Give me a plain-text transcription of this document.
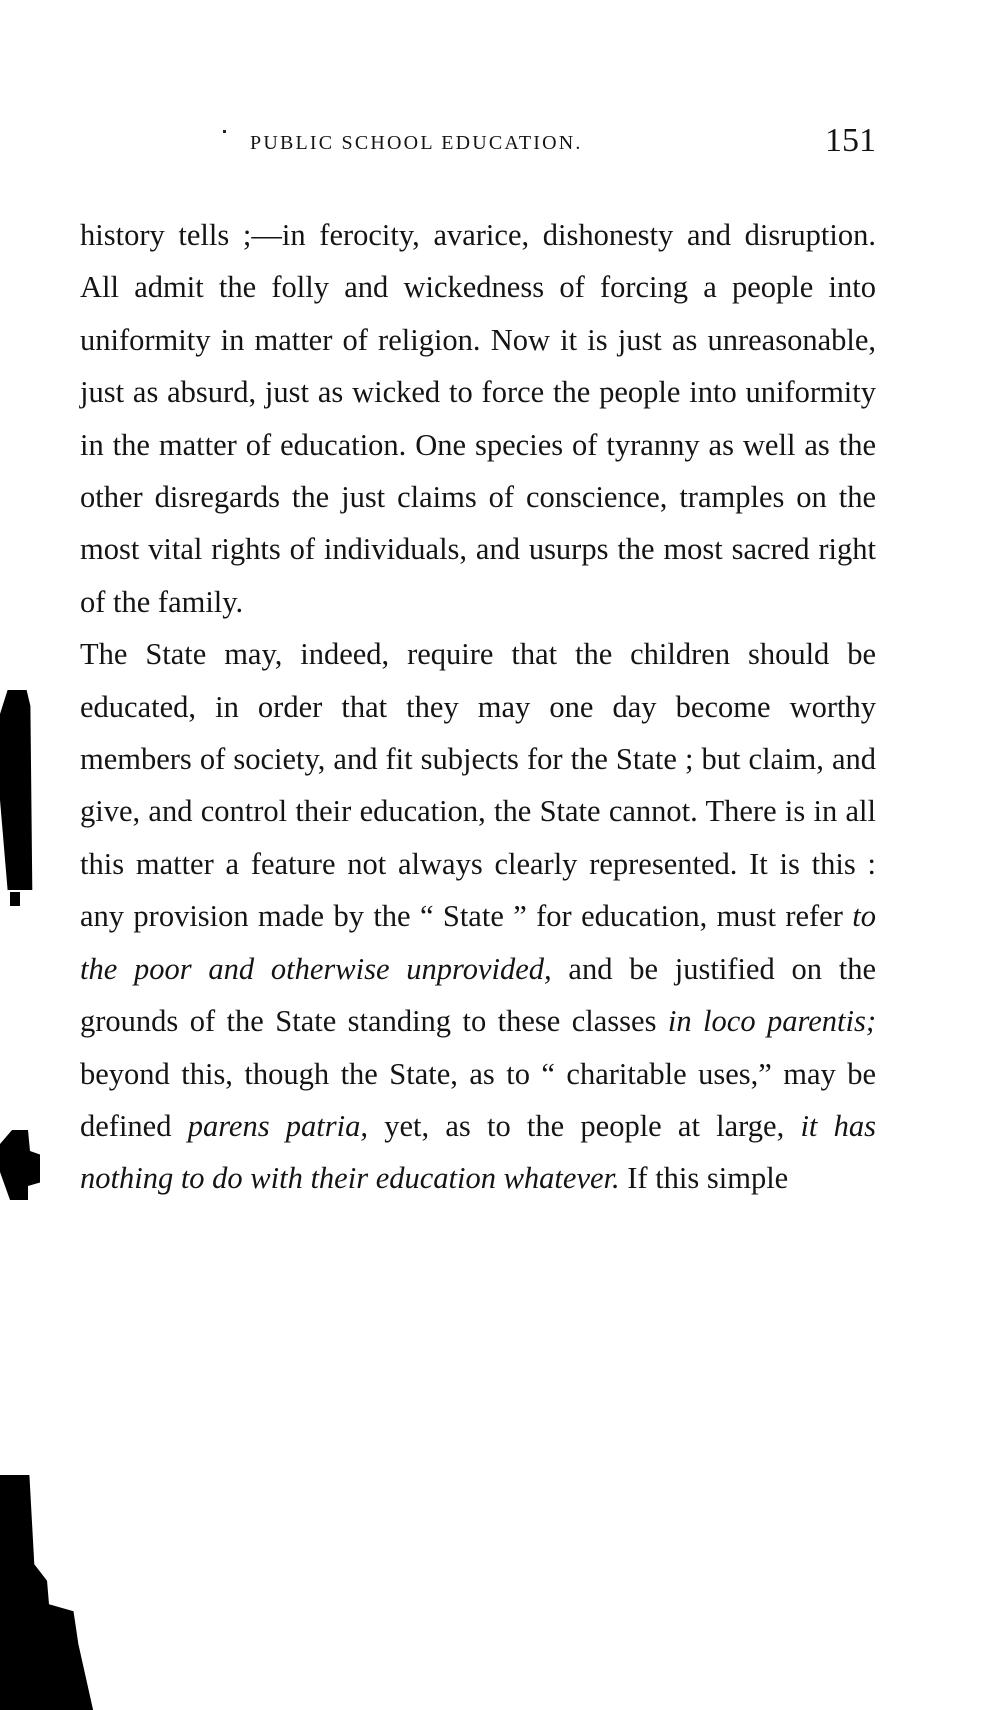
PUBLIC SCHOOL EDUCATION.	151

history tells ;—in ferocity, avarice, dishonesty and disruption. All admit the folly and wickedness of forcing a people into uniformity in matter of religion. Now it is just as unreasonable, just as absurd, just as wicked to force the people into uniformity in the matter of education. One species of tyranny as well as the other disregards the just claims of conscience, tramples on the most vital rights of individuals, and usurps the most sacred right of the family.

The State may, indeed, require that the children should be educated, in order that they may one day become worthy members of society, and fit subjects for the State ; but claim, and give, and control their education, the State cannot. There is in all this matter a feature not always clearly represented. It is this : any provision made by the “ State ” for education, must refer to the poor and otherwise unprovided, and be justified on the grounds of the State standing to these classes in loco parentis; beyond this, though the State, as to “ charitable uses,” may be defined parens patria, yet, as to the people at large, it has nothing to do with their education whatever. If this simple
